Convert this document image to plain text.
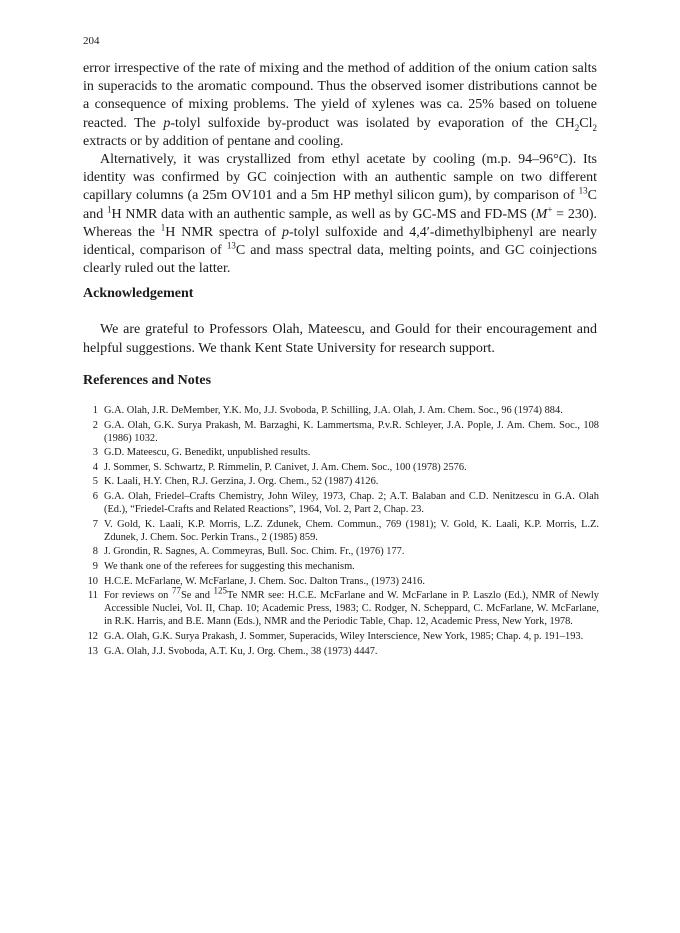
204

error irrespective of the rate of mixing and the method of addition of the onium cation salts in superacids to the aromatic compound. Thus the observed isomer distributions cannot be a consequence of mixing problems. The yield of xylenes was ca. 25% based on toluene reacted. The p-tolyl sulfoxide by-product was isolated by evaporation of the $CH_2Cl_2$ extracts or by addition of pentane and cooling.

Alternatively, it was crystallized from ethyl acetate by cooling (m.p. 94–96°C). Its identity was confirmed by GC coinjection with an authentic sample on two different capillary columns (a 25m OV101 and a 5m HP methyl silicon gum), by comparison of $^{13}$C and $^1$H NMR data with an authentic sample, as well as by GC-MS and FD-MS (M+ = 230). Whereas the $^1$H NMR spectra of p-tolyl sulfoxide and 4,4′-dimethylbiphenyl are nearly identical, comparison of $^{13}$C and mass spectral data, melting points, and GC coinjections clearly ruled out the latter.

Acknowledgement

We are grateful to Professors Olah, Mateescu, and Gould for their encouragement and helpful suggestions. We thank Kent State University for research support.

References and Notes
1 G.A. Olah, J.R. DeMember, Y.K. Mo, J.J. Svoboda, P. Schilling, J.A. Olah, J. Am. Chem. Soc., 96 (1974) 884.
2 G.A. Olah, G.K. Surya Prakash, M. Barzaghi, K. Lammertsma, P.v.R. Schleyer, J.A. Pople, J. Am. Chem. Soc., 108 (1986) 1032.
3 G.D. Mateescu, G. Benedikt, unpublished results.
4 J. Sommer, S. Schwartz, P. Rimmelin, P. Canivet, J. Am. Chem. Soc., 100 (1978) 2576.
5 K. Laali, H.Y. Chen, R.J. Gerzina, J. Org. Chem., 52 (1987) 4126.
6 G.A. Olah, Friedel–Crafts Chemistry, John Wiley, 1973, Chap. 2; A.T. Balaban and C.D. Nenitzescu in G.A. Olah (Ed.), “Friedel-Crafts and Related Reactions”, 1964, Vol. 2, Part 2, Chap. 23.
7 V. Gold, K. Laali, K.P. Morris, L.Z. Zdunek, Chem. Commun., 769 (1981); V. Gold, K. Laali, K.P. Morris, L.Z. Zdunek, J. Chem. Soc. Perkin Trans., 2 (1985) 859.
8 J. Grondin, R. Sagnes, A. Commeyras, Bull. Soc. Chim. Fr., (1976) 177.
9 We thank one of the referees for suggesting this mechanism.
10 H.C.E. McFarlane, W. McFarlane, J. Chem. Soc. Dalton Trans., (1973) 2416.
11 For reviews on $^{77}$Se and $^{125}$Te NMR see: H.C.E. McFarlane and W. McFarlane in P. Laszlo (Ed.), NMR of Newly Accessible Nuclei, Vol. II, Chap. 10; Academic Press, 1983; C. Rodger, N. Scheppard, C. McFarlane, W. McFarlane, in R.K. Harris, and B.E. Mann (Eds.), NMR and the Periodic Table, Chap. 12, Academic Press, New York, 1978.
12 G.A. Olah, G.K. Surya Prakash, J. Sommer, Superacids, Wiley Interscience, New York, 1985; Chap. 4, p. 191–193.
13 G.A. Olah, J.J. Svoboda, A.T. Ku, J. Org. Chem., 38 (1973) 4447.
